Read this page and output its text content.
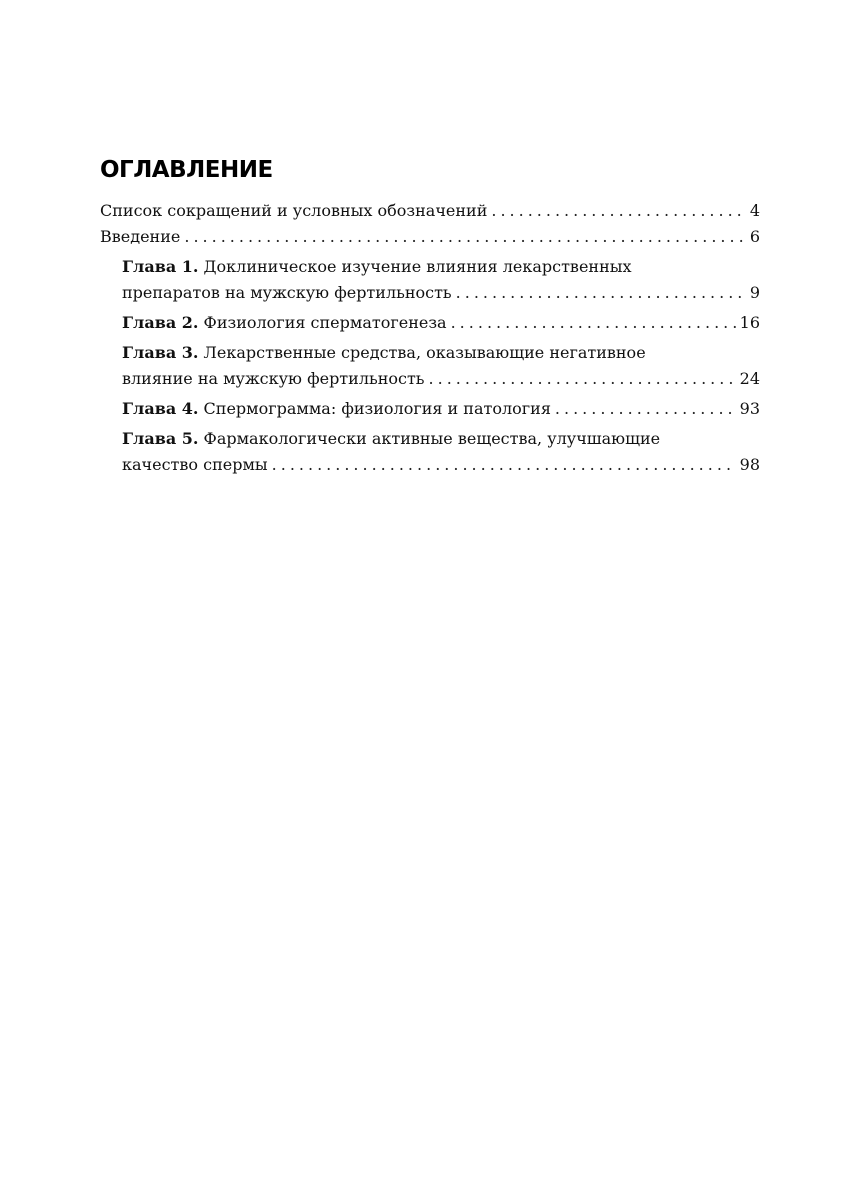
ОГЛАВЛЕНИЕ
Список сокращений и условных обозначений .....	4
Введение .....	6
Глава 1. Доклиническое изучение влияния лекарственных
препаратов на мужскую фертильность .....	9
Глава 2. Физиология сперматогенеза .....	16
Глава 3. Лекарственные средства, оказывающие негативное
влияние на мужскую фертильность .....	24
Глава 4. Спермограмма: физиология и патология .....	93
Глава 5. Фармакологически активные вещества, улучшающие
качество спермы .....	98
